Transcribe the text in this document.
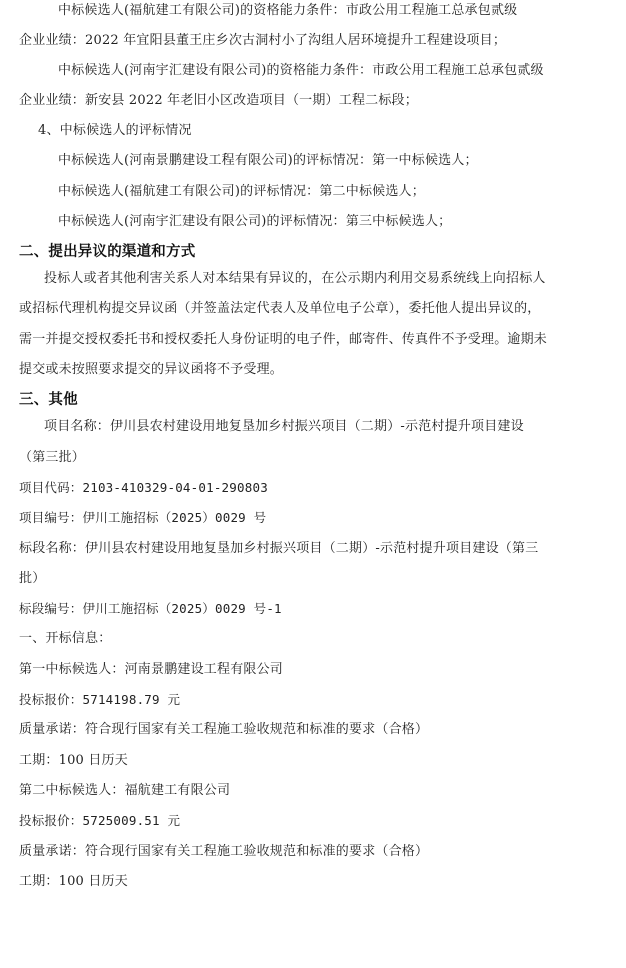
中标候选人(福航建工有限公司)的资格能力条件：市政公用工程施工总承包贰级
企业业绩：2022 年宜阳县董王庄乡次古洞村小了沟组人居环境提升工程建设项目；
中标候选人(河南宇汇建设有限公司)的资格能力条件：市政公用工程施工总承包贰级
企业业绩：新安县 2022 年老旧小区改造项目（一期）工程二标段；
4、中标候选人的评标情况
中标候选人(河南景鹏建设工程有限公司)的评标情况：第一中标候选人；
中标候选人(福航建工有限公司)的评标情况：第二中标候选人；
中标候选人(河南宇汇建设有限公司)的评标情况：第三中标候选人；
二、提出异议的渠道和方式
投标人或者其他利害关系人对本结果有异议的，在公示期内利用交易系统线上向招标人
或招标代理机构提交异议函（并签盖法定代表人及单位电子公章），委托他人提出异议的，
需一并提交授权委托书和授权委托人身份证明的电子件，邮寄件、传真件不予受理。逾期未
提交或未按照要求提交的异议函将不予受理。
三、其他
项目名称：伊川县农村建设用地复垦加乡村振兴项目（二期）-示范村提升项目建设
（第三批）
项目代码：2103-410329-04-01-290803
项目编号：伊川工施招标（2025）0029 号
标段名称：伊川县农村建设用地复垦加乡村振兴项目（二期）-示范村提升项目建设（第三
批）
标段编号：伊川工施招标（2025）0029 号-1
一、开标信息：
第一中标候选人：河南景鹏建设工程有限公司
投标报价：5714198.79 元
质量承诺：符合现行国家有关工程施工验收规范和标准的要求（合格）
工期：100 日历天
第二中标候选人：福航建工有限公司
投标报价：5725009.51 元
质量承诺：符合现行国家有关工程施工验收规范和标准的要求（合格）
工期：100 日历天
